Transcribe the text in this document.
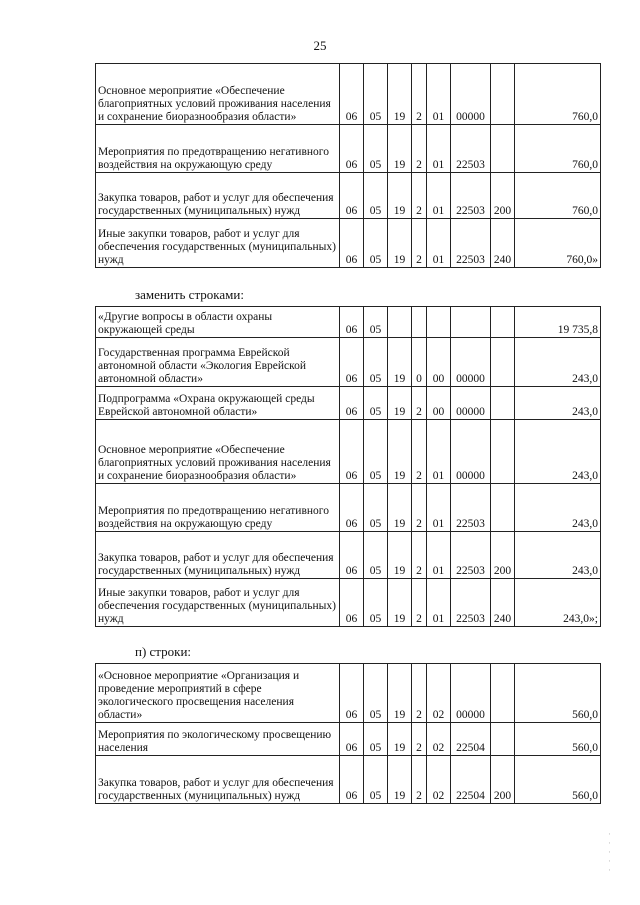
25
Основное мероприятие «Обеспечение благоприятных условий проживания населения и сохранение биоразнообразия области»	06	05	19	2	01	00000		760,0

Мероприятия по предотвращению негативного воздействия на окружающую среду	06	05	19	2	01	22503		760,0

Закупка товаров, работ и услуг для обеспечения государственных (муниципальных) нужд	06	05	19	2	01	22503	200	760,0

Иные закупки товаров, работ и услуг для обеспечения государственных (муниципальных) нужд	06	05	19	2	01	22503	240	760,0»
заменить строками:
«Другие вопросы в области охраны окружающей среды	06	05						19 735,8

Государственная программа Еврейской автономной области «Экология Еврейской автономной области»	06	05	19	0	00	00000		243,0

Подпрограмма «Охрана окружающей среды Еврейской автономной области»	06	05	19	2	00	00000		243,0

Основное мероприятие «Обеспечение благоприятных условий проживания населения и сохранение биоразнообразия области»	06	05	19	2	01	00000		243,0

Мероприятия по предотвращению негативного воздействия на окружающую среду	06	05	19	2	01	22503		243,0

Закупка товаров, работ и услуг для обеспечения государственных (муниципальных) нужд	06	05	19	2	01	22503	200	243,0

Иные закупки товаров, работ и услуг для обеспечения государственных (муниципальных) нужд	06	05	19	2	01	22503	240	243,0»;
п) строки:
«Основное мероприятие «Организация и проведение мероприятий в сфере экологического просвещения населения области»	06	05	19	2	02	00000		560,0

Мероприятия по экологическому просвещению населения	06	05	19	2	02	22504		560,0

Закупка товаров, работ и услуг для обеспечения государственных (муниципальных) нужд	06	05	19	2	02	22504	200	560,0
·
·
·
·
·
